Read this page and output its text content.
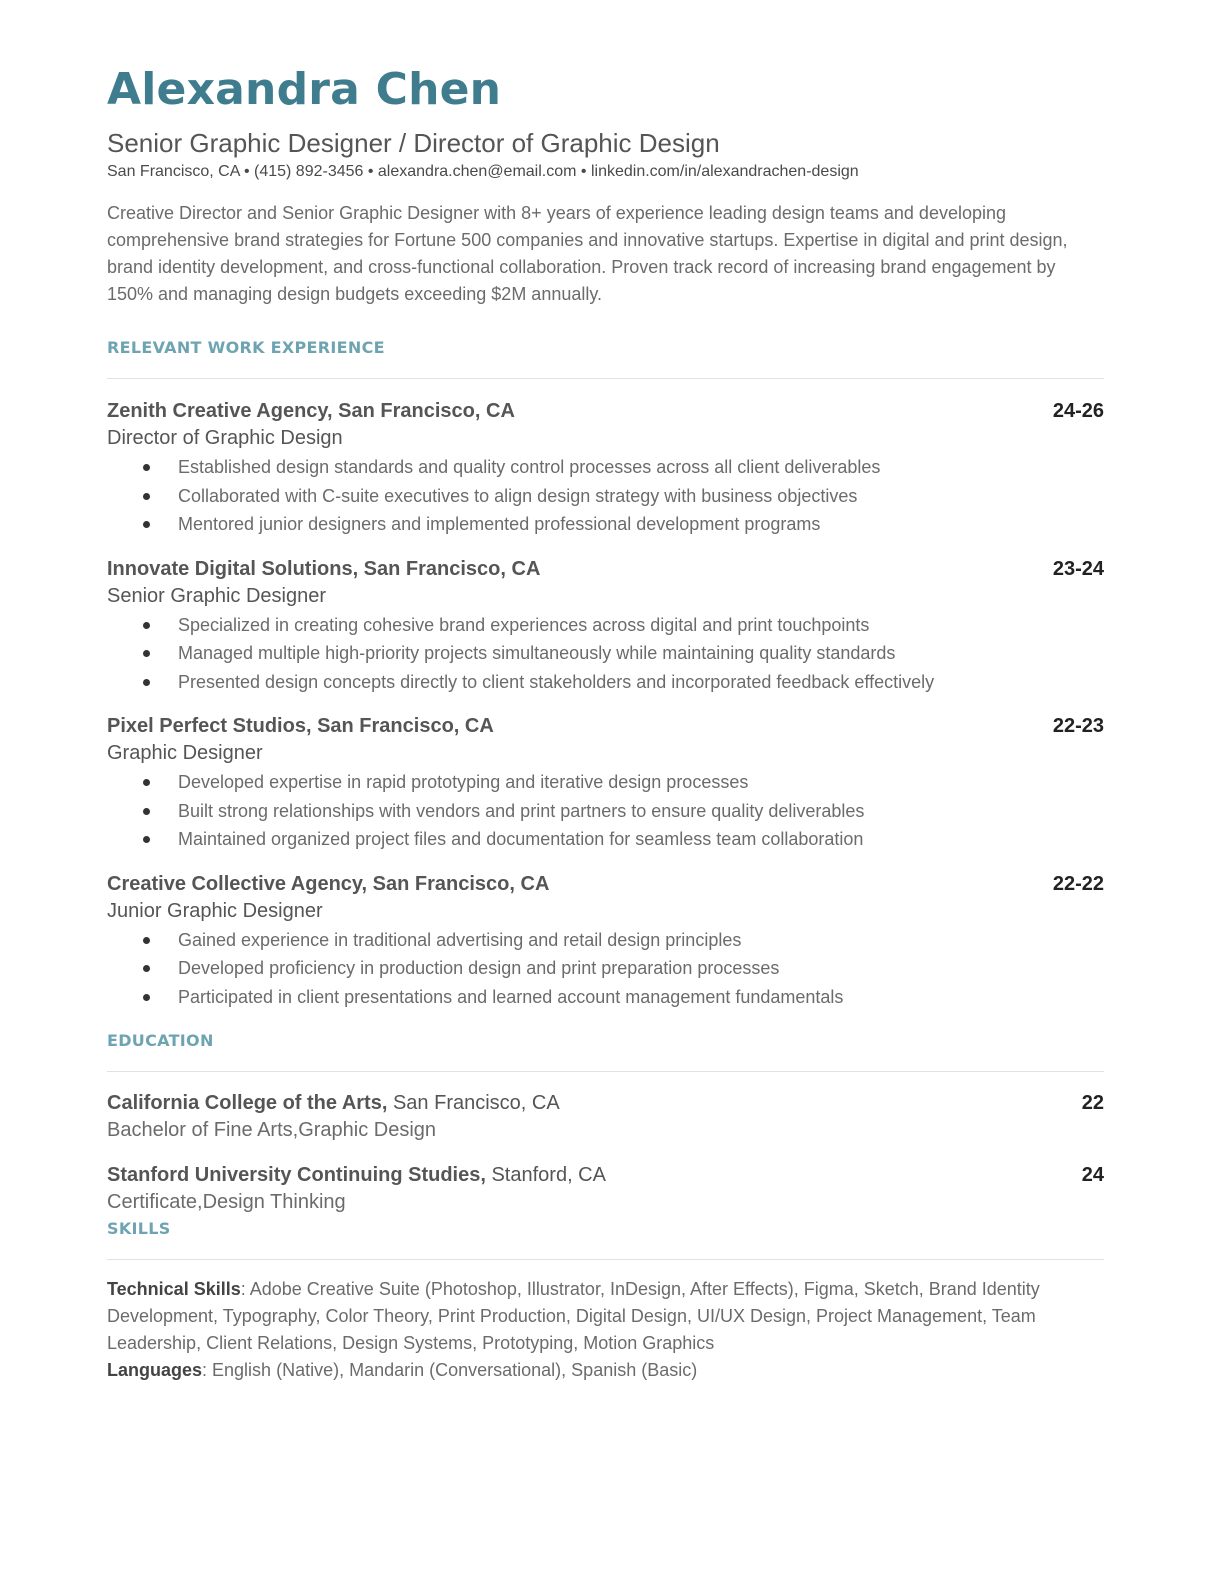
Alexandra Chen
Senior Graphic Designer / Director of Graphic Design
San Francisco, CA • (415) 892-3456 • alexandra.chen@email.com • linkedin.com/in/alexandrachen-design
Creative Director and Senior Graphic Designer with 8+ years of experience leading design teams and developing comprehensive brand strategies for Fortune 500 companies and innovative startups. Expertise in digital and print design, brand identity development, and cross-functional collaboration. Proven track record of increasing brand engagement by 150% and managing design budgets exceeding $2M annually.
RELEVANT WORK EXPERIENCE
Zenith Creative Agency, San Francisco, CA	24-26
Director of Graphic Design
Established design standards and quality control processes across all client deliverables
Collaborated with C-suite executives to align design strategy with business objectives
Mentored junior designers and implemented professional development programs
Innovate Digital Solutions, San Francisco, CA	23-24
Senior Graphic Designer
Specialized in creating cohesive brand experiences across digital and print touchpoints
Managed multiple high-priority projects simultaneously while maintaining quality standards
Presented design concepts directly to client stakeholders and incorporated feedback effectively
Pixel Perfect Studios, San Francisco, CA	22-23
Graphic Designer
Developed expertise in rapid prototyping and iterative design processes
Built strong relationships with vendors and print partners to ensure quality deliverables
Maintained organized project files and documentation for seamless team collaboration
Creative Collective Agency, San Francisco, CA	22-22
Junior Graphic Designer
Gained experience in traditional advertising and retail design principles
Developed proficiency in production design and print preparation processes
Participated in client presentations and learned account management fundamentals
EDUCATION
California College of the Arts, San Francisco, CA	22
Bachelor of Fine Arts,Graphic Design
Stanford University Continuing Studies, Stanford, CA	24
Certificate,Design Thinking
SKILLS
Technical Skills: Adobe Creative Suite (Photoshop, Illustrator, InDesign, After Effects), Figma, Sketch, Brand Identity Development, Typography, Color Theory, Print Production, Digital Design, UI/UX Design, Project Management, Team Leadership, Client Relations, Design Systems, Prototyping, Motion Graphics
Languages: English (Native), Mandarin (Conversational), Spanish (Basic)
